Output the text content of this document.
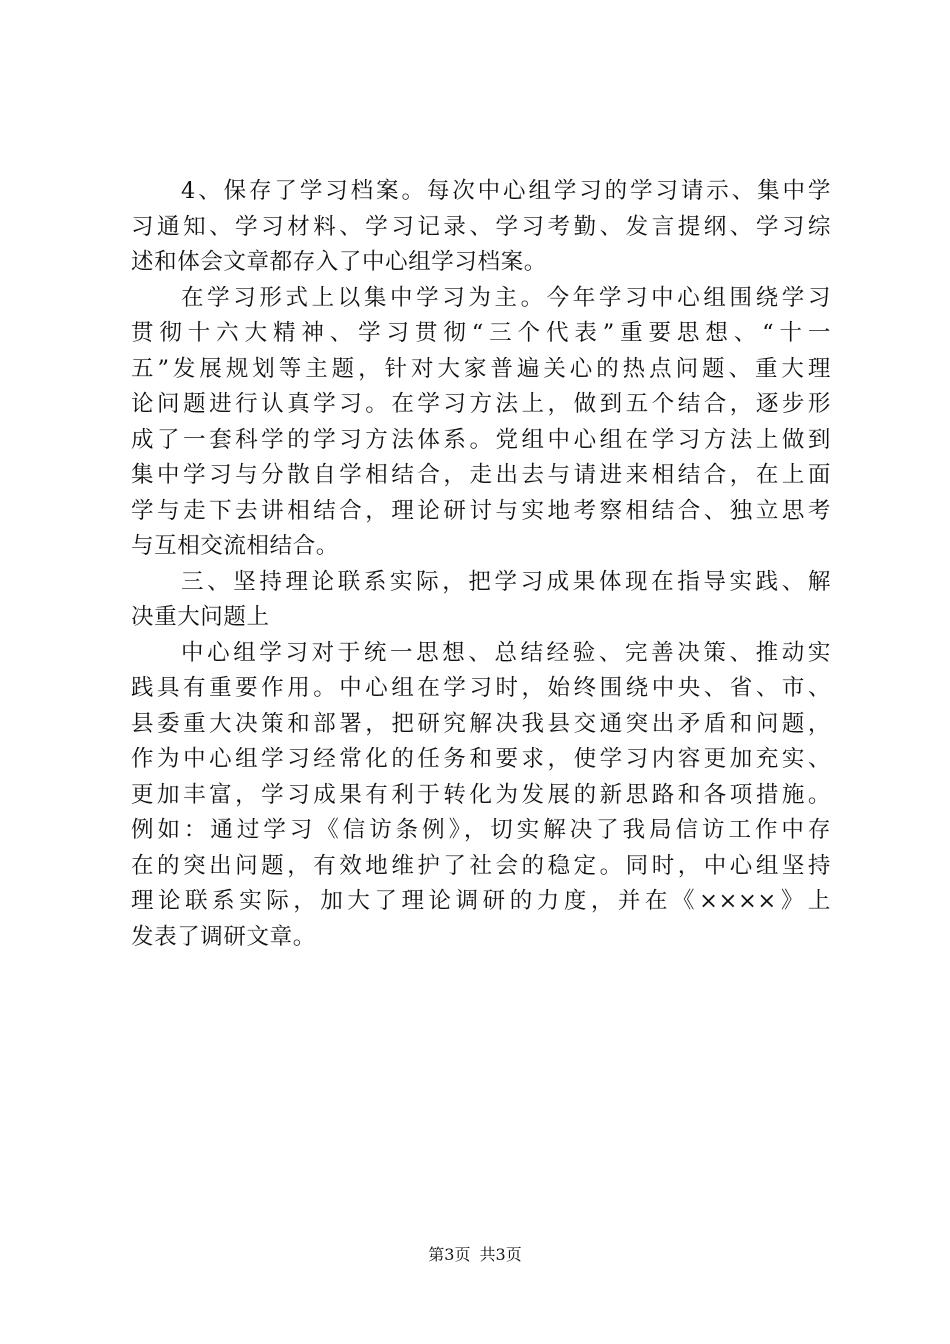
4、保存了学习档案。每次中心组学习的学习请示、集中学
习通知、学习材料、学习记录、学习考勤、发言提纲、学习综
述和体会文章都存入了中心组学习档案。
在学习形式上以集中学习为主。今年学习中心组围绕学习
贯彻十六大精神、学习贯彻“三个代表”重要思想、“十一
五”发展规划等主题，针对大家普遍关心的热点问题、重大理
论问题进行认真学习。在学习方法上，做到五个结合，逐步形
成了一套科学的学习方法体系。党组中心组在学习方法上做到
集中学习与分散自学相结合，走出去与请进来相结合，在上面
学与走下去讲相结合，理论研讨与实地考察相结合、独立思考
与互相交流相结合。
三、坚持理论联系实际，把学习成果体现在指导实践、解
决重大问题上
中心组学习对于统一思想、总结经验、完善决策、推动实
践具有重要作用。中心组在学习时，始终围绕中央、省、市、
县委重大决策和部署，把研究解决我县交通突出矛盾和问题，
作为中心组学习经常化的任务和要求，使学习内容更加充实、
更加丰富，学习成果有利于转化为发展的新思路和各项措施。
例如：通过学习《信访条例》，切实解决了我局信访工作中存
在的突出问题，有效地维护了社会的稳定。同时，中心组坚持
理论联系实际，加大了理论调研的力度，并在《××××》上
发表了调研文章。
第3页 共3页
